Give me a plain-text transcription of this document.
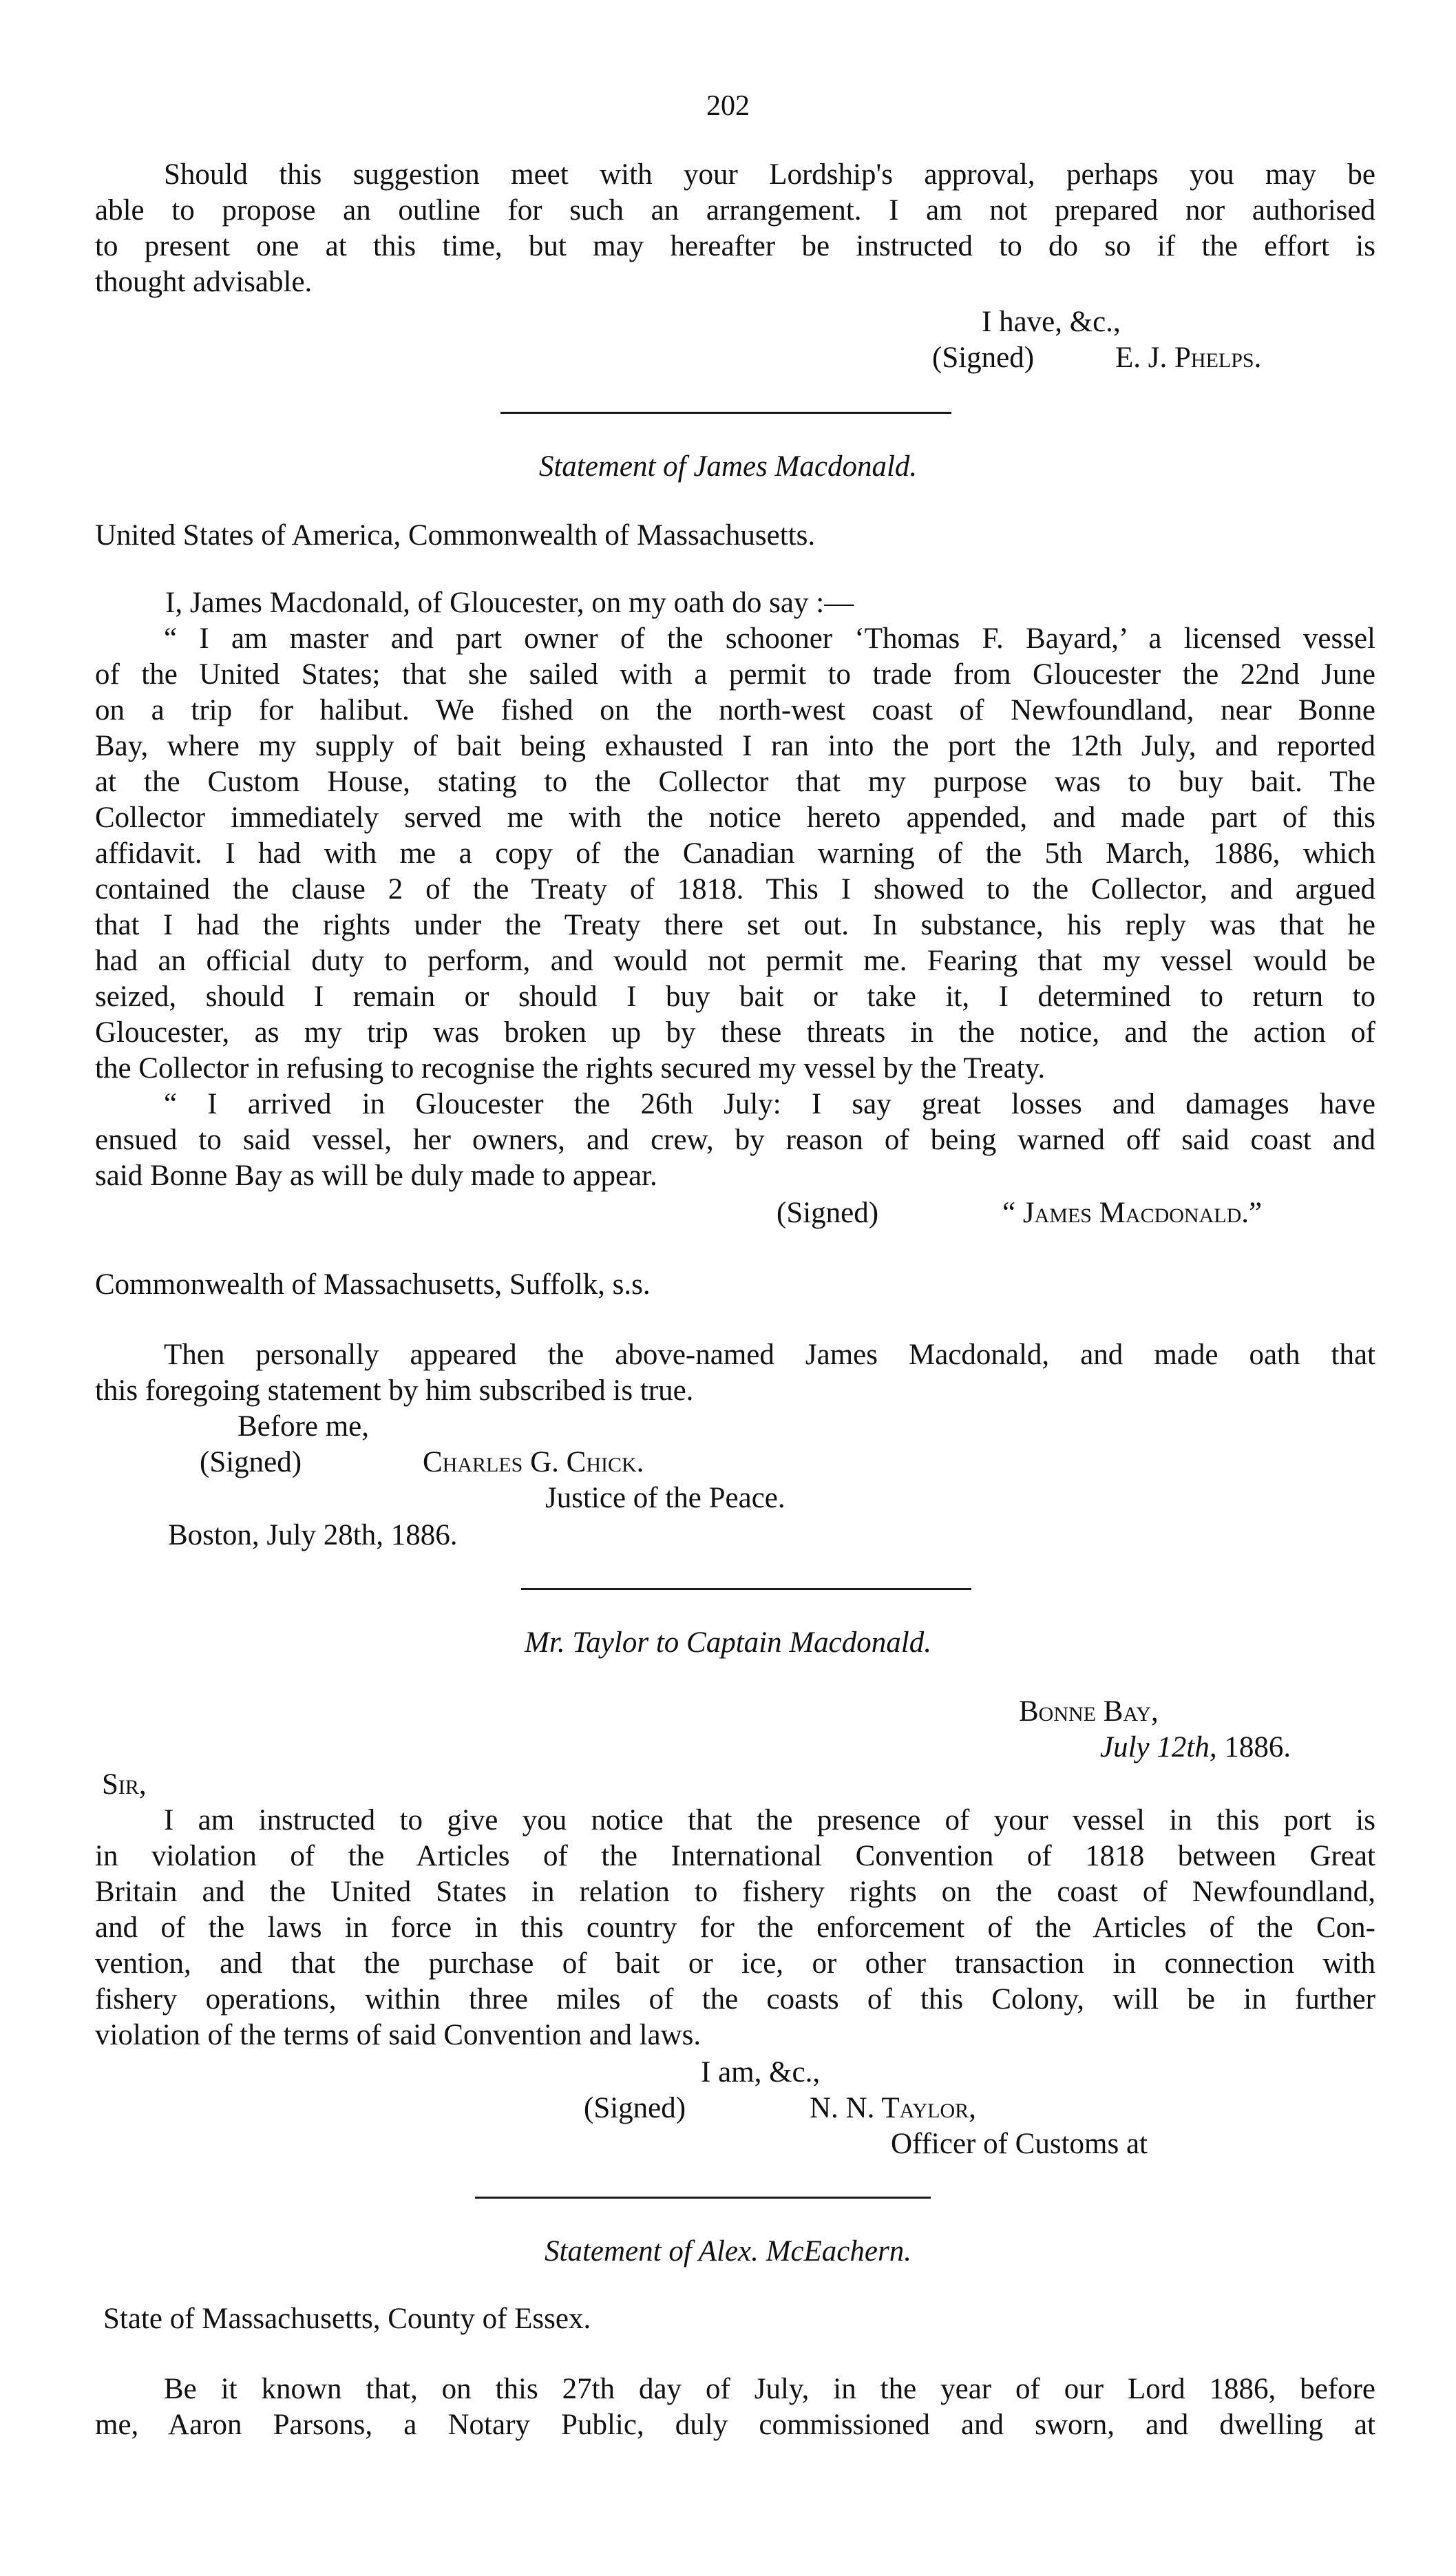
202
Should this suggestion meet with your Lordship's approval, perhaps you may be
able to propose an outline for such an arrangement. I am not prepared nor authorised
to present one at this time, but may hereafter be instructed to do so if the effort is
thought advisable.
I have, &c.,
(Signed)	E. J. Phelps.
Statement of James Macdonald.
United States of America, Commonwealth of Massachusetts.
I, James Macdonald, of Gloucester, on my oath do say :—
“ I am master and part owner of the schooner ‘Thomas F. Bayard,’ a licensed vessel
of the United States; that she sailed with a permit to trade from Gloucester the 22nd June
on a trip for halibut. We fished on the north-west coast of Newfoundland, near Bonne
Bay, where my supply of bait being exhausted I ran into the port the 12th July, and reported
at the Custom House, stating to the Collector that my purpose was to buy bait. The
Collector immediately served me with the notice hereto appended, and made part of this
affidavit. I had with me a copy of the Canadian warning of the 5th March, 1886, which
contained the clause 2 of the Treaty of 1818. This I showed to the Collector, and argued
that I had the rights under the Treaty there set out. In substance, his reply was that he
had an official duty to perform, and would not permit me. Fearing that my vessel would be
seized, should I remain or should I buy bait or take it, I determined to return to
Gloucester, as my trip was broken up by these threats in the notice, and the action of
the Collector in refusing to recognise the rights secured my vessel by the Treaty.
“ I arrived in Gloucester the 26th July: I say great losses and damages have
ensued to said vessel, her owners, and crew, by reason of being warned off said coast and
said Bonne Bay as will be duly made to appear.
(Signed)	“ James Macdonald.”
Commonwealth of Massachusetts, Suffolk, s.s.
Then personally appeared the above-named James Macdonald, and made oath that
this foregoing statement by him subscribed is true.
Before me,
(Signed)	Charles G. Chick.
Justice of the Peace.
Boston, July 28th, 1886.
Mr. Taylor to Captain Macdonald.
Bonne Bay,
July 12th, 1886.
Sir,
I am instructed to give you notice that the presence of your vessel in this port is
in violation of the Articles of the International Convention of 1818 between Great
Britain and the United States in relation to fishery rights on the coast of Newfoundland,
and of the laws in force in this country for the enforcement of the Articles of the Con-
vention, and that the purchase of bait or ice, or other transaction in connection with
fishery operations, within three miles of the coasts of this Colony, will be in further
violation of the terms of said Convention and laws.
I am, &c.,
(Signed)	N. N. Taylor,
Officer of Customs at
Statement of Alex. McEachern.
State of Massachusetts, County of Essex.
Be it known that, on this 27th day of July, in the year of our Lord 1886, before
me, Aaron Parsons, a Notary Public, duly commissioned and sworn, and dwelling at
